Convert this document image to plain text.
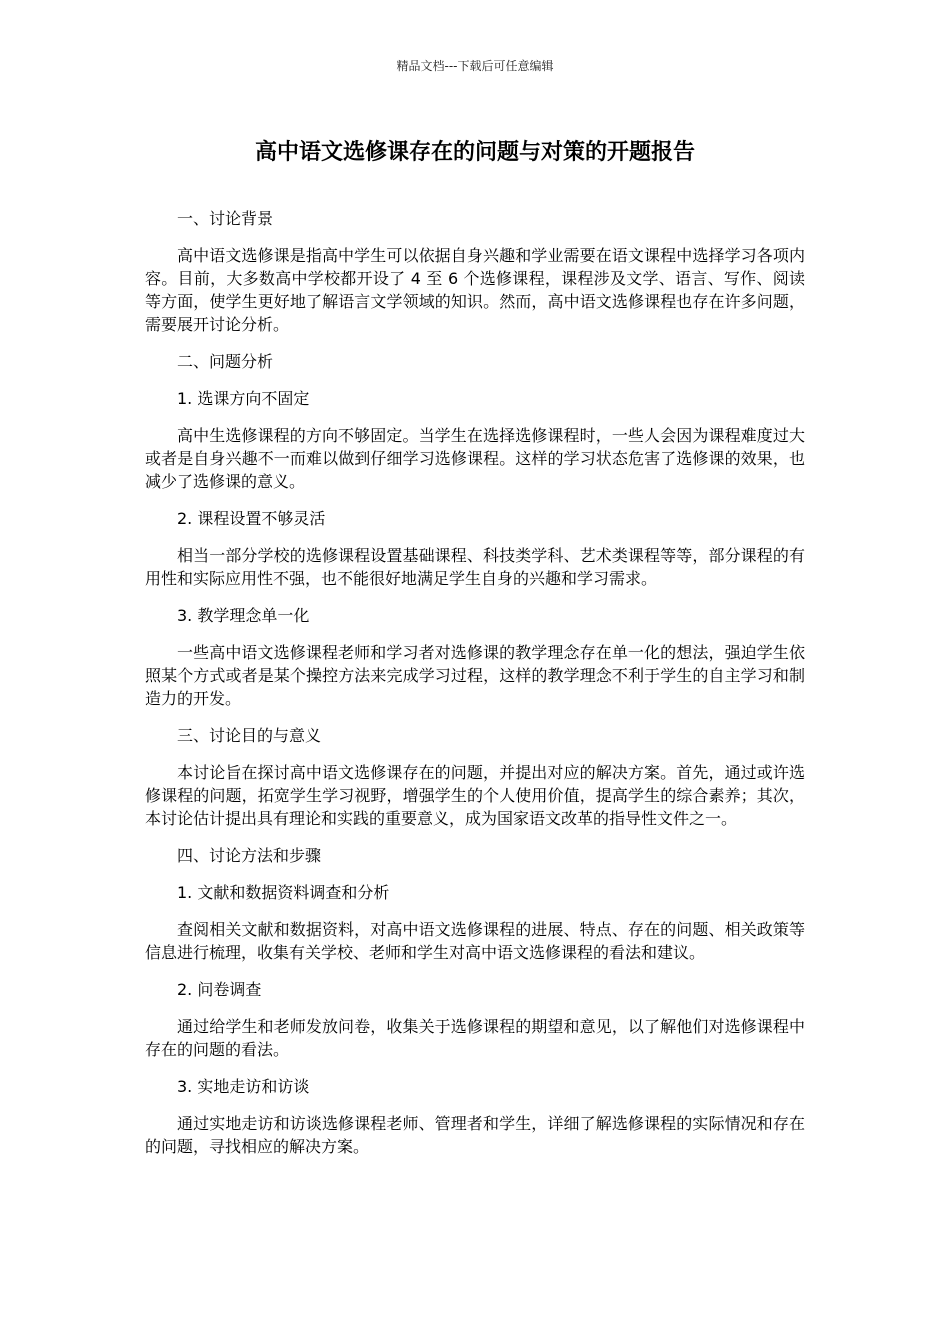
精品文档---下载后可任意编辑
高中语文选修课存在的问题与对策的开题报告

一、讨论背景

高中语文选修课是指高中学生可以依据自身兴趣和学业需要在语文课程中选择学习各项内容。目前，大多数高中学校都开设了 4 至 6 个选修课程，课程涉及文学、语言、写作、阅读等方面，使学生更好地了解语言文学领域的知识。然而，高中语文选修课程也存在许多问题，需要展开讨论分析。

二、问题分析

1. 选课方向不固定

高中生选修课程的方向不够固定。当学生在选择选修课程时，一些人会因为课程难度过大或者是自身兴趣不一而难以做到仔细学习选修课程。这样的学习状态危害了选修课的效果，也减少了选修课的意义。

2. 课程设置不够灵活

相当一部分学校的选修课程设置基础课程、科技类学科、艺术类课程等等，部分课程的有用性和实际应用性不强，也不能很好地满足学生自身的兴趣和学习需求。

3. 教学理念单一化

一些高中语文选修课程老师和学习者对选修课的教学理念存在单一化的想法，强迫学生依照某个方式或者是某个操控方法来完成学习过程，这样的教学理念不利于学生的自主学习和制造力的开发。

三、讨论目的与意义

本讨论旨在探讨高中语文选修课存在的问题，并提出对应的解决方案。首先，通过或许选修课程的问题，拓宽学生学习视野，增强学生的个人使用价值，提高学生的综合素养；其次，本讨论估计提出具有理论和实践的重要意义，成为国家语文改革的指导性文件之一。

四、讨论方法和步骤

1. 文献和数据资料调查和分析

查阅相关文献和数据资料，对高中语文选修课程的进展、特点、存在的问题、相关政策等信息进行梳理，收集有关学校、老师和学生对高中语文选修课程的看法和建议。

2. 问卷调查

通过给学生和老师发放问卷，收集关于选修课程的期望和意见，以了解他们对选修课程中存在的问题的看法。

3. 实地走访和访谈

通过实地走访和访谈选修课程老师、管理者和学生，详细了解选修课程的实际情况和存在的问题，寻找相应的解决方案。
